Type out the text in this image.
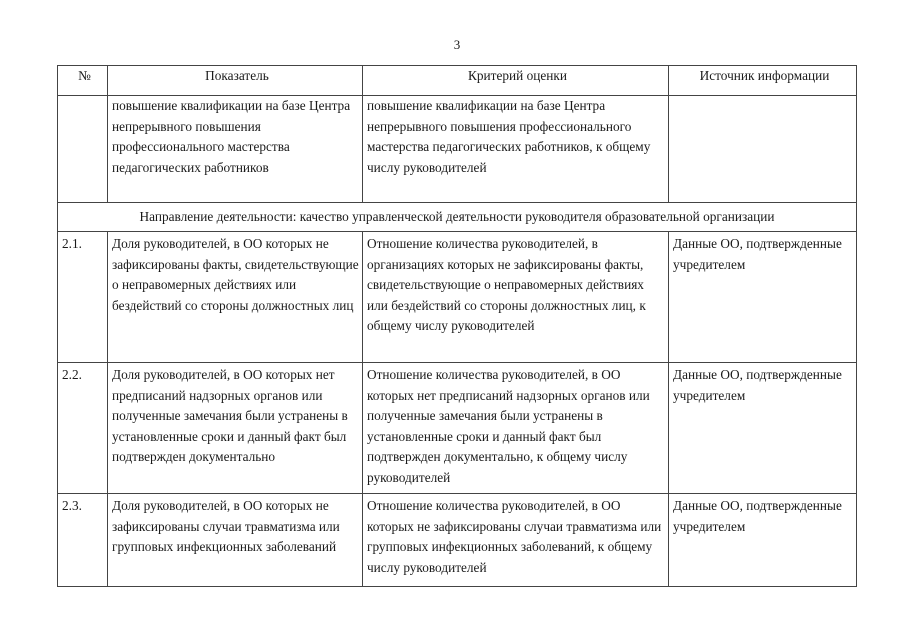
3
№	Показатель	Критерий оценки	Источник информации
	повышение квалификации на базе Центра непрерывного повышения профессионального мастерства педагогических работников	повышение квалификации на базе Центра непрерывного повышения профессионального мастерства педагогических работников, к общему числу руководителей	
Направление деятельности: качество управленческой деятельности руководителя образовательной организации			
2.1.	Доля руководителей, в ОО которых не зафиксированы факты, свидетельствующие о неправомерных действиях или бездействий со стороны должностных лиц	Отношение количества руководителей, в организациях которых не зафиксированы факты, свидетельствующие о неправомерных действиях или бездействий со стороны должностных лиц, к общему числу руководителей	Данные ОО, подтвержденные учредителем
2.2.	Доля руководителей, в ОО которых нет предписаний надзорных органов или полученные замечания были устранены в установленные сроки и данный факт был подтвержден документально	Отношение количества руководителей, в ОО которых нет предписаний надзорных органов или полученные замечания были устранены в установленные сроки и данный факт был подтвержден документально, к общему числу руководителей	Данные ОО, подтвержденные учредителем
2.3.	Доля руководителей, в ОО которых не зафиксированы случаи травматизма или групповых инфекционных заболеваний	Отношение количества руководителей, в ОО которых не зафиксированы случаи травматизма или групповых инфекционных заболеваний, к общему числу руководителей	Данные ОО, подтвержденные учредителем
